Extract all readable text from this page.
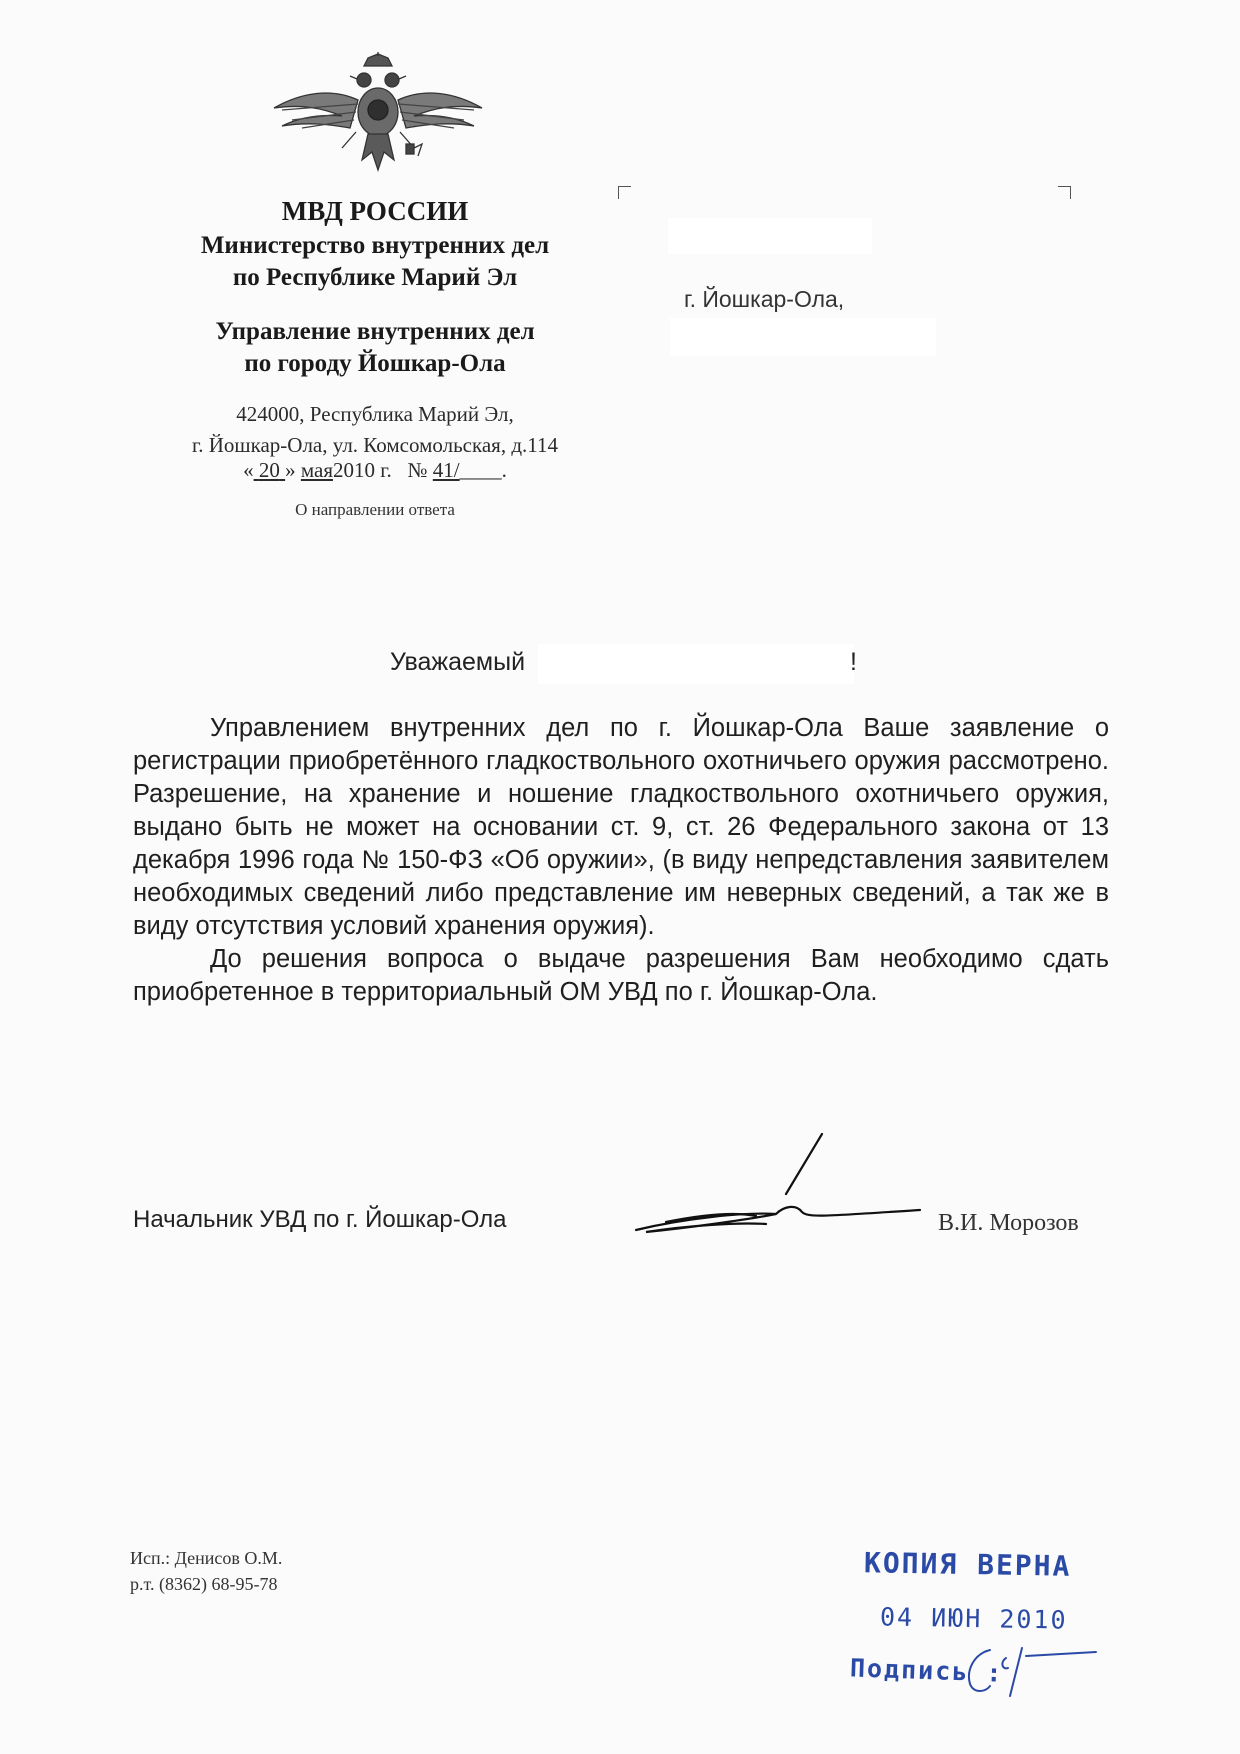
МВД РОССИИ
Министерство внутренних дел
по Республике Марий Эл
Управление внутренних дел
по городу Йошкар-Ола
424000, Республика Марий Эл,
г. Йошкар-Ола, ул. Комсомольская, д.114
« 20 » мая2010 г. № 41/____.
О направлении ответа
г. Йошкар-Ола,
Уважаемый	!

Управлением внутренних дел по г. Йошкар-Ола Ваше заявление о регистрации приобретённого гладкоствольного охотничьего оружия рассмотрено. Разрешение, на хранение и ношение гладкоствольного охотничьего оружия, выдано быть не может на основании ст. 9, ст. 26 Федерального закона от 13 декабря 1996 года № 150-ФЗ «Об оружии», (в виду непредставления заявителем необходимых сведений либо представление им неверных сведений, а так же в виду отсутствия условий хранения оружия).

До решения вопроса о выдаче разрешения Вам необходимо сдать приобретенное в территориальный ОМ УВД по г. Йошкар-Ола.

Начальник УВД по г. Йошкар-Ола	В.И. Морозов
Исп.: Денисов О.М.
р.т. (8362) 68-95-78
КОПИЯ ВЕРНА
04 ИЮН 2010
Подпись :
